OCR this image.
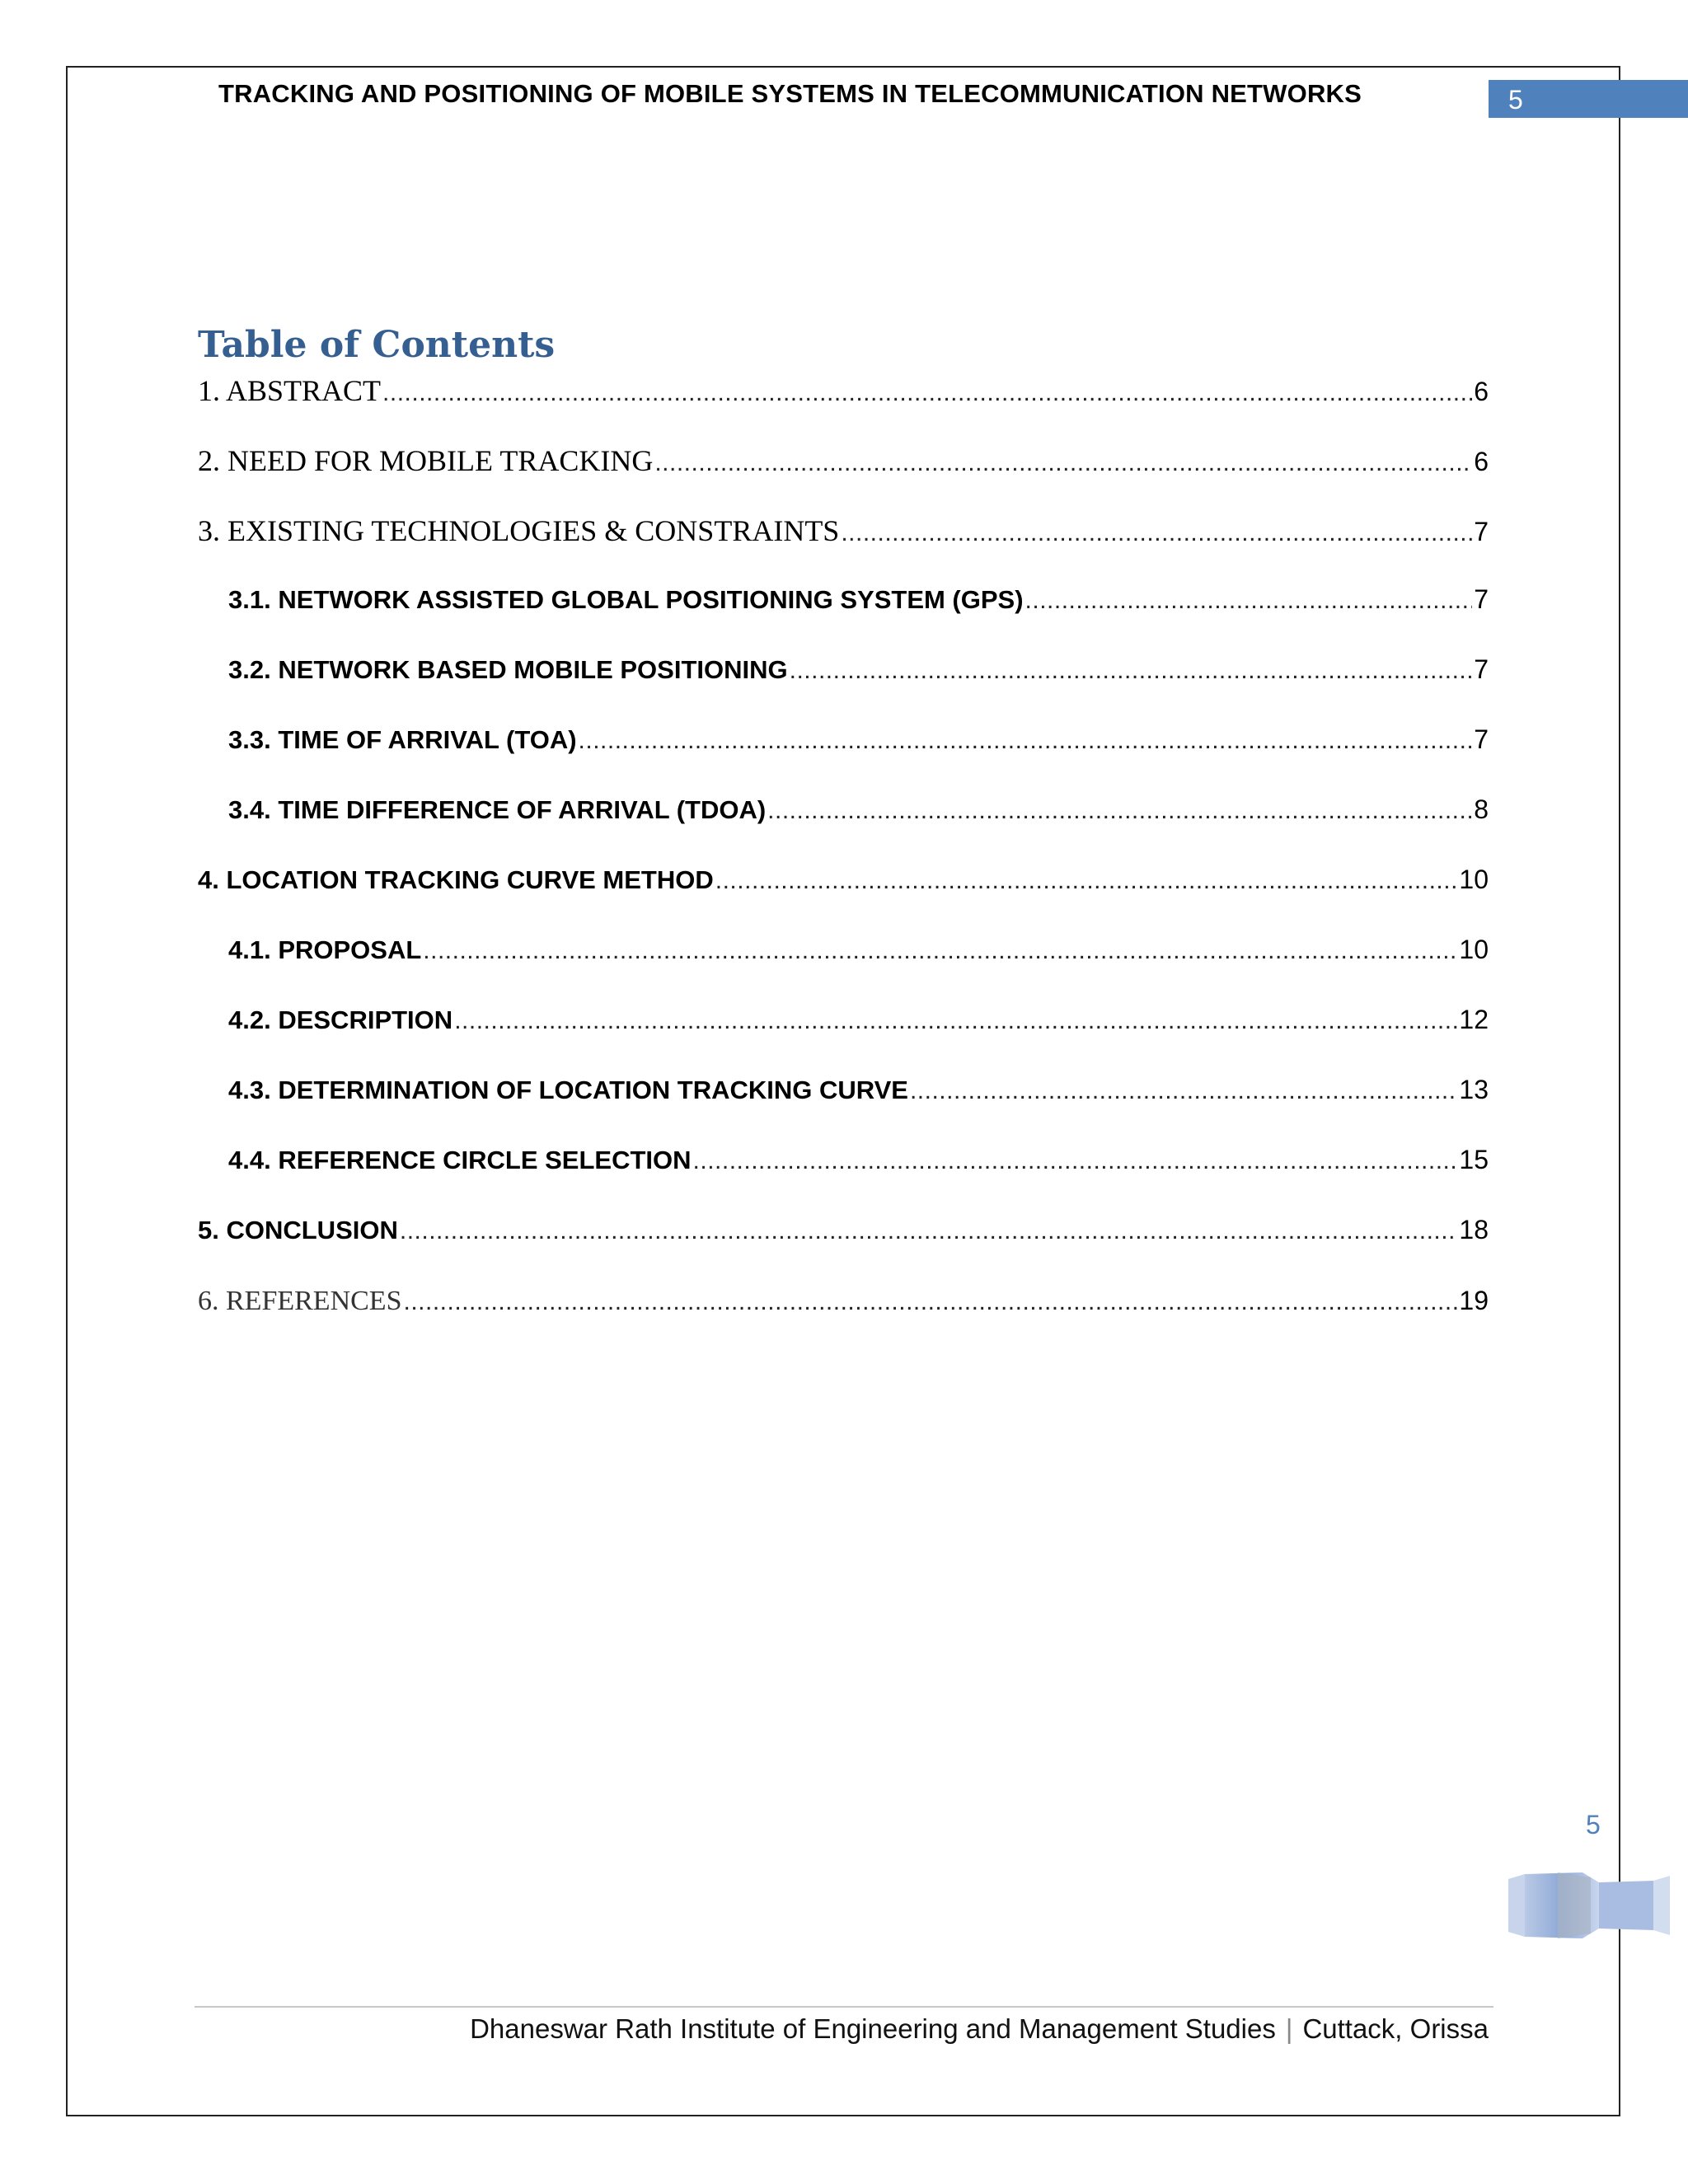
TRACKING AND POSITIONING OF MOBILE SYSTEMS IN TELECOMMUNICATION NETWORKS	5
Table of Contents
1. ABSTRACT .....	6
2. NEED FOR MOBILE TRACKING .....	6
3. EXISTING TECHNOLOGIES & CONSTRAINTS .....	7
3.1. NETWORK ASSISTED GLOBAL POSITIONING SYSTEM (GPS) .....	7
3.2. NETWORK BASED MOBILE POSITIONING .....	7
3.3. TIME OF ARRIVAL (TOA) .....	7
3.4. TIME DIFFERENCE OF ARRIVAL (TDOA) .....	8
4. LOCATION TRACKING CURVE METHOD .....	10
4.1. PROPOSAL .....	10
4.2. DESCRIPTION .....	12
4.3. DETERMINATION OF LOCATION TRACKING CURVE .....	13
4.4. REFERENCE CIRCLE SELECTION .....	15
5. CONCLUSION .....	18
6. REFERENCES .....	19
5
Dhaneswar Rath Institute of Engineering and Management Studies | Cuttack, Orissa
